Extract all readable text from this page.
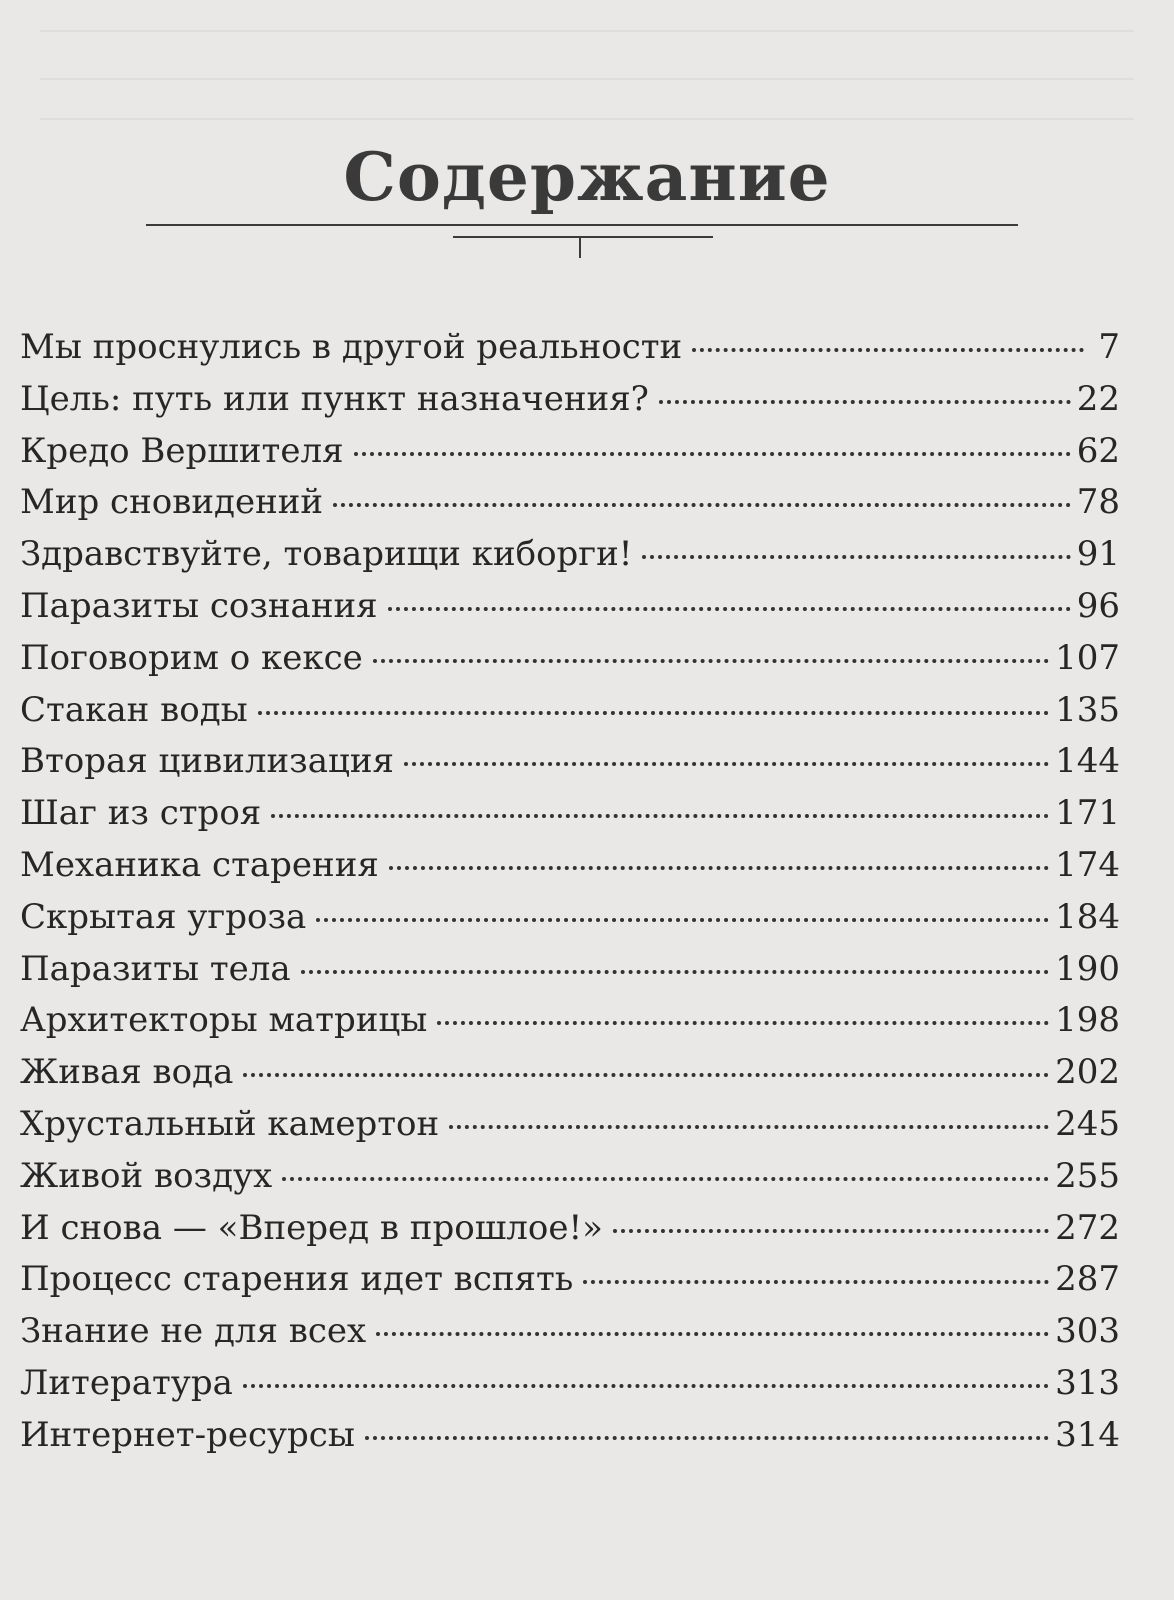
Содержание
Мы проснулись в другой реальности	7
Цель: путь или пункт назначения?	22
Кредо Вершителя	62
Мир сновидений	78
Здравствуйте, товарищи киборги!	91
Паразиты сознания	96
Поговорим о кексе	107
Стакан воды	135
Вторая цивилизация	144
Шаг из строя	171
Механика старения	174
Скрытая угроза	184
Паразиты тела	190
Архитекторы матрицы	198
Живая вода	202
Хрустальный камертон	245
Живой воздух	255
И снова — «Вперед в прошлое!»	272
Процесс старения идет вспять	287
Знание не для всех	303
Литература	313
Интернет-ресурсы	314
